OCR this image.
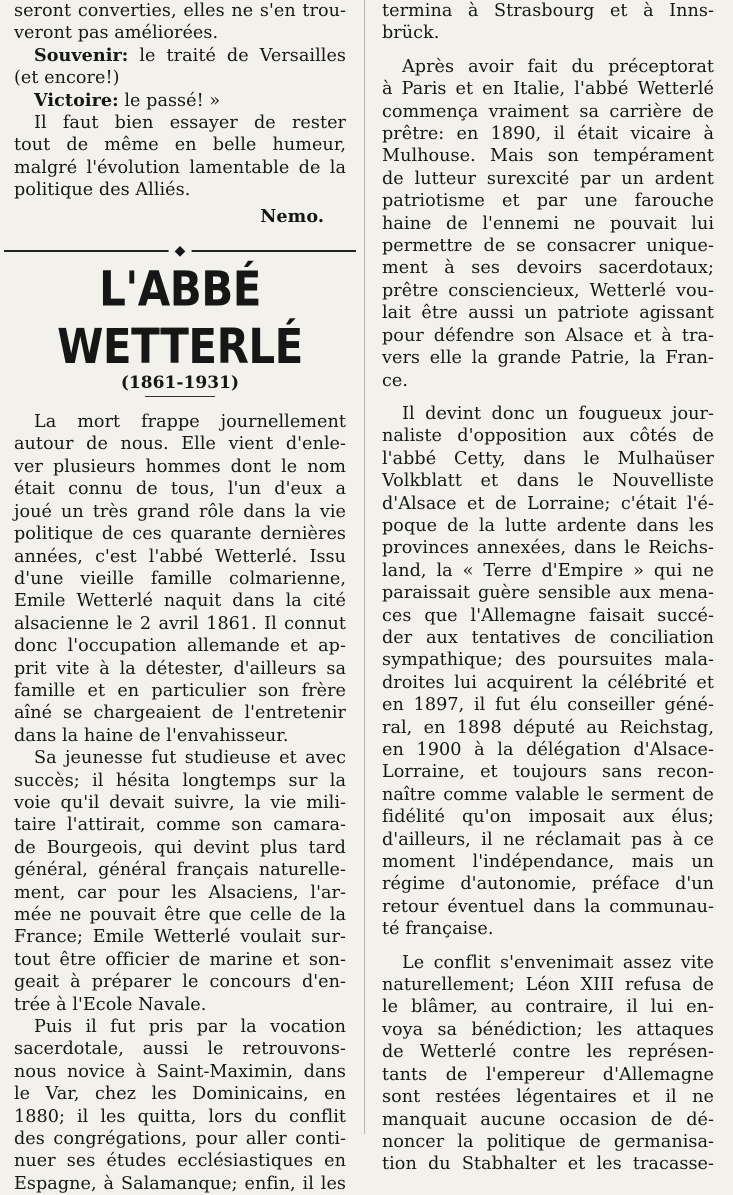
seront converties, elles ne s'en trou-
veront pas améliorées.
Souvenir: le traité de Versailles
(et encore!)
Victoire: le passé! »
Il faut bien essayer de rester
tout de même en belle humeur,
malgré l'évolution lamentable de la
politique des Alliés.
Nemo.
◆
L'ABBÉ WETTERLÉ
(1861-1931)
La mort frappe journellement
autour de nous. Elle vient d'enle-
ver plusieurs hommes dont le nom
était connu de tous, l'un d'eux a
joué un très grand rôle dans la vie
politique de ces quarante dernières
années, c'est l'abbé Wetterlé. Issu
d'une vieille famille colmarienne,
Emile Wetterlé naquit dans la cité
alsacienne le 2 avril 1861. Il connut
donc l'occupation allemande et ap-
prit vite à la détester, d'ailleurs sa
famille et en particulier son frère
aîné se chargeaient de l'entretenir
dans la haine de l'envahisseur.
Sa jeunesse fut studieuse et avec
succès; il hésita longtemps sur la
voie qu'il devait suivre, la vie mili-
taire l'attirait, comme son camara-
de Bourgeois, qui devint plus tard
général, général français naturelle-
ment, car pour les Alsaciens, l'ar-
mée ne pouvait être que celle de la
France; Emile Wetterlé voulait sur-
tout être officier de marine et son-
geait à préparer le concours d'en-
trée à l'Ecole Navale.
Puis il fut pris par la vocation
sacerdotale, aussi le retrouvons-
nous novice à Saint-Maximin, dans
le Var, chez les Dominicains, en
1880; il les quitta, lors du conflit
des congrégations, pour aller conti-
nuer ses études ecclésiastiques en
Espagne, à Salamanque; enfin, il les
termina à Strasbourg et à Inns-
brück.
Après avoir fait du préceptorat
à Paris et en Italie, l'abbé Wetterlé
commença vraiment sa carrière de
prêtre: en 1890, il était vicaire à
Mulhouse. Mais son tempérament
de lutteur surexcité par un ardent
patriotisme et par une farouche
haine de l'ennemi ne pouvait lui
permettre de se consacrer unique-
ment à ses devoirs sacerdotaux;
prêtre consciencieux, Wetterlé vou-
lait être aussi un patriote agissant
pour défendre son Alsace et à tra-
vers elle la grande Patrie, la Fran-
ce.
Il devint donc un fougueux jour-
naliste d'opposition aux côtés de
l'abbé Cetty, dans le Mulhaüser
Volkblatt et dans le Nouvelliste
d'Alsace et de Lorraine; c'était l'é-
poque de la lutte ardente dans les
provinces annexées, dans le Reichs-
land, la « Terre d'Empire » qui ne
paraissait guère sensible aux mena-
ces que l'Allemagne faisait succé-
der aux tentatives de conciliation
sympathique; des poursuites mala-
droites lui acquirent la célébrité et
en 1897, il fut élu conseiller géné-
ral, en 1898 député au Reichstag,
en 1900 à la délégation d'Alsace-
Lorraine, et toujours sans recon-
naître comme valable le serment de
fidélité qu'on imposait aux élus;
d'ailleurs, il ne réclamait pas à ce
moment l'indépendance, mais un
régime d'autonomie, préface d'un
retour éventuel dans la communau-
té française.
Le conflit s'envenimait assez vite
naturellement; Léon XIII refusa de
le blâmer, au contraire, il lui en-
voya sa bénédiction; les attaques
de Wetterlé contre les représen-
tants de l'empereur d'Allemagne
sont restées légentaires et il ne
manquait aucune occasion de dé-
noncer la politique de germanisa-
tion du Stabhalter et les tracasse-
